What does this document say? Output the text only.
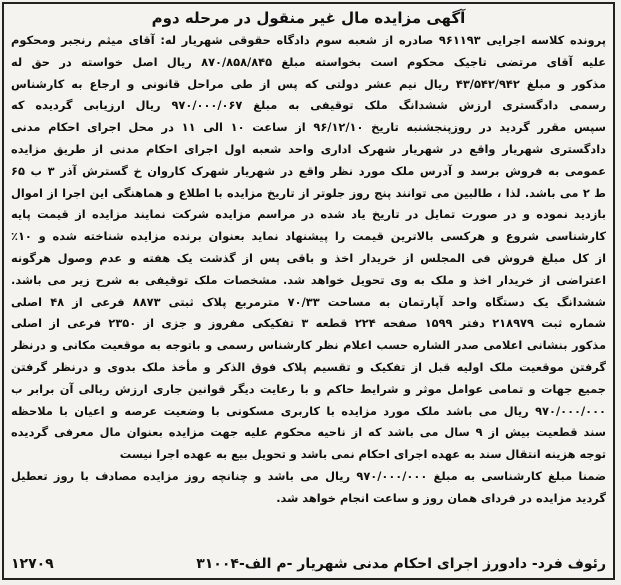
آگهی مزایده مال غیر منقول در مرحله دوم
پرونده کلاسه اجرایی ۹۶۱۱۹۳ صادره از شعبه سوم دادگاه حقوقی شهریار له: آقای میثم رنجبر ومحکوم
علیه آقای مرتضی تاجیک محکوم است بخواسته مبلغ ۸۷۰/۸۵۸/۸۴۵ ریال اصل خواسته در حق له
مذکور و مبلغ ۴۳/۵۴۲/۹۴۲ ریال نیم عشر دولتی که پس از طی مراحل قانونی و ارجاع به کارشناس
رسمی دادگستری ارزش ششدانگ ملک توقیفی به مبلغ ۹۷۰/۰۰۰/۰۶۷ ریال ارزیابی گردیده که
سپس مقرر گردید در روزپنجشنبه تاریخ ۹۶/۱۲/۱۰ از ساعت ۱۰ الی ۱۱ در محل اجرای احکام مدنی
دادگستری شهریار واقع در شهریار شهرک اداری واحد شعبه اول اجرای احکام مدنی از طریق مزایده
عمومی به فروش برسد و آدرس ملک مورد نظر واقع در شهریار شهرک کاروان خ گسترش آذر ۳ ب ۶۵
ط ۲ می باشد. لذا ، طالبین می توانند پنج روز جلوتر از تاریخ مزایده با اطلاع و هماهنگی این اجرا از اموال
بازدید نموده و در صورت تمایل در تاریخ یاد شده در مراسم مزایده شرکت نمایند مزایده از قیمت پایه
کارشناسی شروع و هرکسی بالاترین قیمت را پیشنهاد نماید بعنوان برنده مزایده شناخته شده و ۱۰٪
از کل مبلغ فروش فی المجلس از خریدار اخذ و باقی پس از گذشت یک هفته و عدم وصول هرگونه
اعتراضی از خریدار اخذ و ملک به وی تحویل خواهد شد. مشخصات ملک توقیفی به شرح زیر می باشد.
ششدانگ یک دستگاه واحد آپارتمان به مساحت ۷۰/۳۳ مترمربع پلاک ثبتی ۸۸۷۳ فرعی از ۴۸ اصلی
شماره ثبت ۲۱۸۹۷۹ دفتر ۱۵۹۹ صفحه ۲۲۴ قطعه ۳ تفکیکی مفروز و جزی از ۲۳۵۰ فرعی از اصلی
مذکور بنشانی اعلامی صدر الشاره حسب اعلام نظر کارشناس رسمی و باتوجه به موقعیت مکانی و درنظر
گرفتن موقعیت ملک اولیه قبل از تفکیک و تقسیم پلاک فوق الذکر و مأخذ ملک بدوی و درنظر گرفتن
جمیع جهات و تمامی عوامل موثر و شرایط حاکم و با رعایت دیگر قوانین جاری ارزش ریالی آن برابر ب
۹۷۰/۰۰۰/۰۰۰ ریال می باشد ملک مورد مزایده با کاربری مسکونی با وضعیت عرصه و اعیان با ملاحظه
سند قطعیت بیش از ۹ سال می باشد که از ناحیه محکوم علیه جهت مزایده بعنوان مال معرفی گردیده
توجه هزینه انتقال سند به عهده اجرای احکام نمی باشد و تحویل بیع به عهده اجرا نیست
ضمنا مبلغ کارشناسی به مبلغ ۹۷۰/۰۰۰/۰۰۰ ریال می باشد و چنانچه روز مزایده مصادف با روز تعطیل
گردید مزایده در فردای همان روز و ساعت انجام خواهد شد.
رئوف فرد- دادورز اجرای احکام مدنی شهریار -م الف-۳۱۰۰۴
۱۲۷۰۹
